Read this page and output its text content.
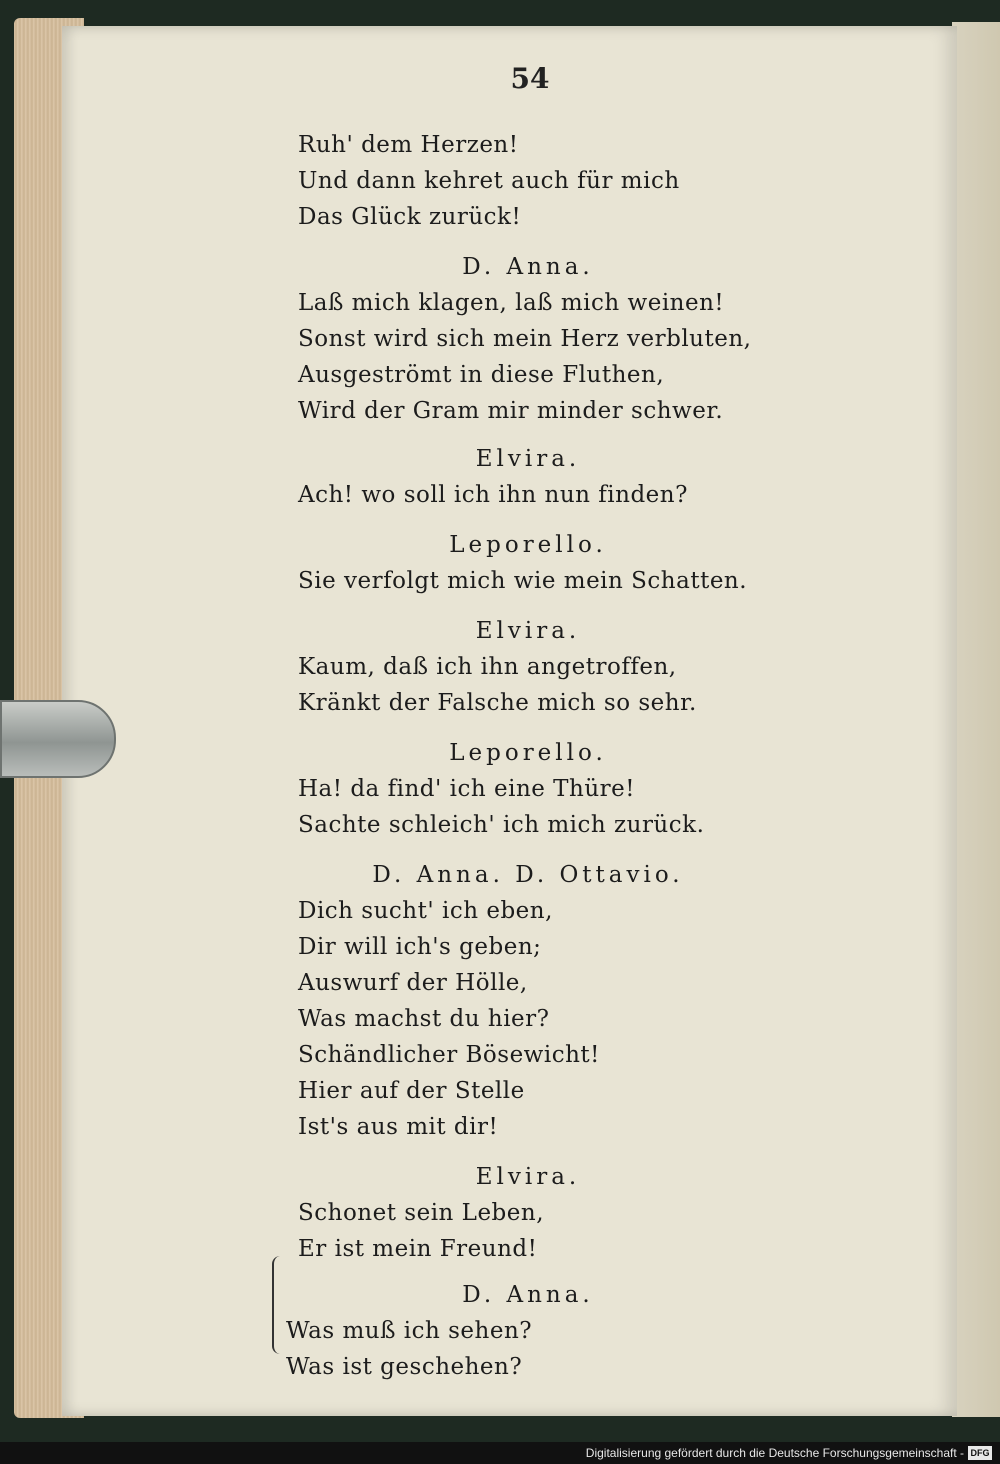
54
Ruh' dem Herzen!
Und dann kehret auch für mich
Das Glück zurück!
D. Anna.
Laß mich klagen, laß mich weinen!
Sonst wird sich mein Herz verbluten,
Ausgeströmt in diese Fluthen,
Wird der Gram mir minder schwer.
Elvira.
Ach! wo soll ich ihn nun finden?
Leporello.
Sie verfolgt mich wie mein Schatten.
Elvira.
Kaum, daß ich ihn angetroffen,
Kränkt der Falsche mich so sehr.
Leporello.
Ha! da find' ich eine Thüre!
Sachte schleich' ich mich zurück.
D. Anna. D. Ottavio.
Dich sucht' ich eben,
Dir will ich's geben;
Auswurf der Hölle,
Was machst du hier?
Schändlicher Bösewicht!
Hier auf der Stelle
Ist's aus mit dir!
Elvira.
Schonet sein Leben,
Er ist mein Freund!
D. Anna.
Was muß ich sehen?
Was ist geschehen?
Digitalisierung gefördert durch die Deutsche Forschungsgemeinschaft - DFG
